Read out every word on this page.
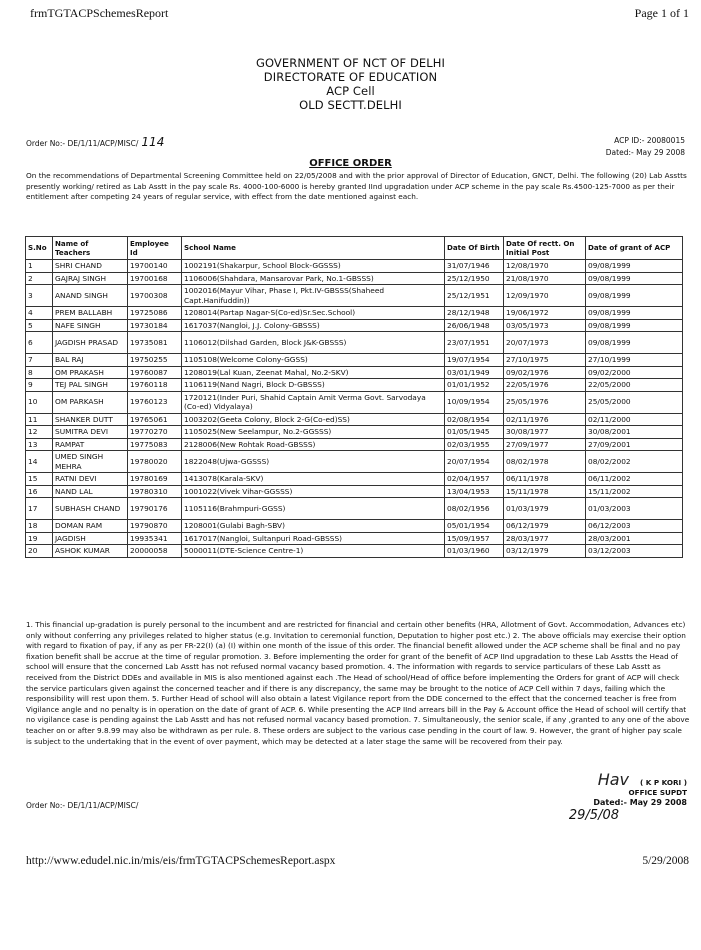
frmTGTACPSchemesReport	Page 1 of 1
GOVERNMENT OF NCT OF DELHI
DIRECTORATE OF EDUCATION
ACP Cell
OLD SECTT.DELHI
Order No:- DE/1/11/ACP/MISC/ 114	ACP ID:- 20080015
Dated:- May 29 2008
OFFICE ORDER
On the recommendations of Departmental Screening Committee held on 22/05/2008 and with the prior approval of Director of Education, GNCT, Delhi. The following (20) Lab Asstts presently working/ retired as Lab Asstt in the pay scale Rs. 4000-100-6000 is hereby granted IInd upgradation under ACP scheme in the pay scale Rs.4500-125-7000 as per their entitlement after competing 24 years of regular service, with effect from the date mentioned against each.
S.No	Name of Teachers	Employee Id	School Name	Date Of Birth	Date Of rectt. On Initial Post	Date of grant of ACP
1	SHRI CHAND	19700140	1002191(Shakarpur, School Block-GGSSS)	31/07/1946	12/08/1970	09/08/1999
2	GAJRAJ SINGH	19700168	1106006(Shahdara, Mansarovar Park, No.1-GBSSS)	25/12/1950	21/08/1970	09/08/1999
3	ANAND SINGH	19700308	1002016(Mayur Vihar, Phase I, Pkt.IV-GBSSS(Shaheed Capt.Hanifuddin))	25/12/1951	12/09/1970	09/08/1999
4	PREM BALLABH	19725086	1208014(Partap Nagar-S(Co-ed)Sr.Sec.School)	28/12/1948	19/06/1972	09/08/1999
5	NAFE SINGH	19730184	1617037(Nangloi, J.J. Colony-GBSSS)	26/06/1948	03/05/1973	09/08/1999
6	JAGDISH PRASAD	19735081	1106012(Dilshad Garden, Block J&K-GBSSS)	23/07/1951	20/07/1973	09/08/1999
7	BAL RAJ	19750255	1105108(Welcome Colony-GGSS)	19/07/1954	27/10/1975	27/10/1999
8	OM PRAKASH	19760087	1208019(Lal Kuan, Zeenat Mahal, No.2-SKV)	03/01/1949	09/02/1976	09/02/2000
9	TEJ PAL SINGH	19760118	1106119(Nand Nagri, Block D-GBSSS)	01/01/1952	22/05/1976	22/05/2000
10	OM PARKASH	19760123	1720121(Inder Puri, Shahid Captain Amit Verma Govt. Sarvodaya (Co-ed) Vidyalaya)	10/09/1954	25/05/1976	25/05/2000
11	SHANKER DUTT	19765061	1003202(Geeta Colony, Block 2-G(Co-ed)SS)	02/08/1954	02/11/1976	02/11/2000
12	SUMITRA DEVI	19770270	1105025(New Seelampur, No.2-GGSSS)	01/05/1945	30/08/1977	30/08/2001
13	RAMPAT	19775083	2128006(New Rohtak Road-GBSSS)	02/03/1955	27/09/1977	27/09/2001
14	UMED SINGH MEHRA	19780020	1822048(Ujwa-GGSSS)	20/07/1954	08/02/1978	08/02/2002
15	RATNI DEVI	19780169	1413078(Karala-SKV)	02/04/1957	06/11/1978	06/11/2002
16	NAND LAL	19780310	1001022(Vivek Vihar-GGSSS)	13/04/1953	15/11/1978	15/11/2002
17	SUBHASH CHAND	19790176	1105116(Brahmpuri-GGSS)	08/02/1956	01/03/1979	01/03/2003
18	DOMAN RAM	19790870	1208001(Gulabi Bagh-SBV)	05/01/1954	06/12/1979	06/12/2003
19	JAGDISH	19935341	1617017(Nangloi, Sultanpuri Road-GBSSS)	15/09/1957	28/03/1977	28/03/2001
20	ASHOK KUMAR	20000058	5000011(DTE-Science Centre-1)	01/03/1960	03/12/1979	03/12/2003
1. This financial up-gradation is purely personal to the incumbent and are restricted for financial and certain other benefits (HRA, Allotment of Govt. Accommodation, Advances etc) only without conferring any privileges related to higher status (e.g. Invitation to ceremonial function, Deputation to higher post etc.) 2. The above officials may exercise their option with regard to fixation of pay, if any as per FR-22(I) (a) (I) within one month of the issue of this order. The financial benefit allowed under the ACP scheme shall be final and no pay fixation benefit shall be accrue at the time of regular promotion. 3. Before implementing the order for grant of the benefit of ACP IInd upgradation to these Lab Asstts the Head of school will ensure that the concerned Lab Asstt has not refused normal vacancy based promotion. 4. The information with regards to service particulars of these Lab Asstt as received from the District DDEs and available in MIS is also mentioned against each .The Head of school/Head of office before implementing the Orders for grant of ACP will check the service particulars given against the concerned teacher and if there is any discrepancy, the same may be brought to the notice of ACP Cell within 7 days, failing which the responsibility will rest upon them. 5. Further Head of school will also obtain a latest Vigilance report from the DDE concerned to the effect that the concerned teacher is free from Vigilance angle and no penalty is in operation on the date of grant of ACP. 6. While presenting the ACP IInd arrears bill in the Pay & Account office the Head of school will certify that no vigilance case is pending against the Lab Asstt and has not refused normal vacancy based promotion. 7. Simultaneously, the senior scale, if any ,granted to any one of the above teacher on or after 9.8.99 may also be withdrawn as per rule. 8. These orders are subject to the various case pending in the court of law. 9. However, the grant of higher pay scale is subject to the undertaking that in the event of over payment, which may be detected at a later stage the same will be recovered from their pay.
Hav	( K P KORI )
OFFICE SUPDT
Dated:- May 29 2008
29/5/08
Order No:- DE/1/11/ACP/MISC/
http://www.edudel.nic.in/mis/eis/frmTGTACPSchemesReport.aspx	5/29/2008
